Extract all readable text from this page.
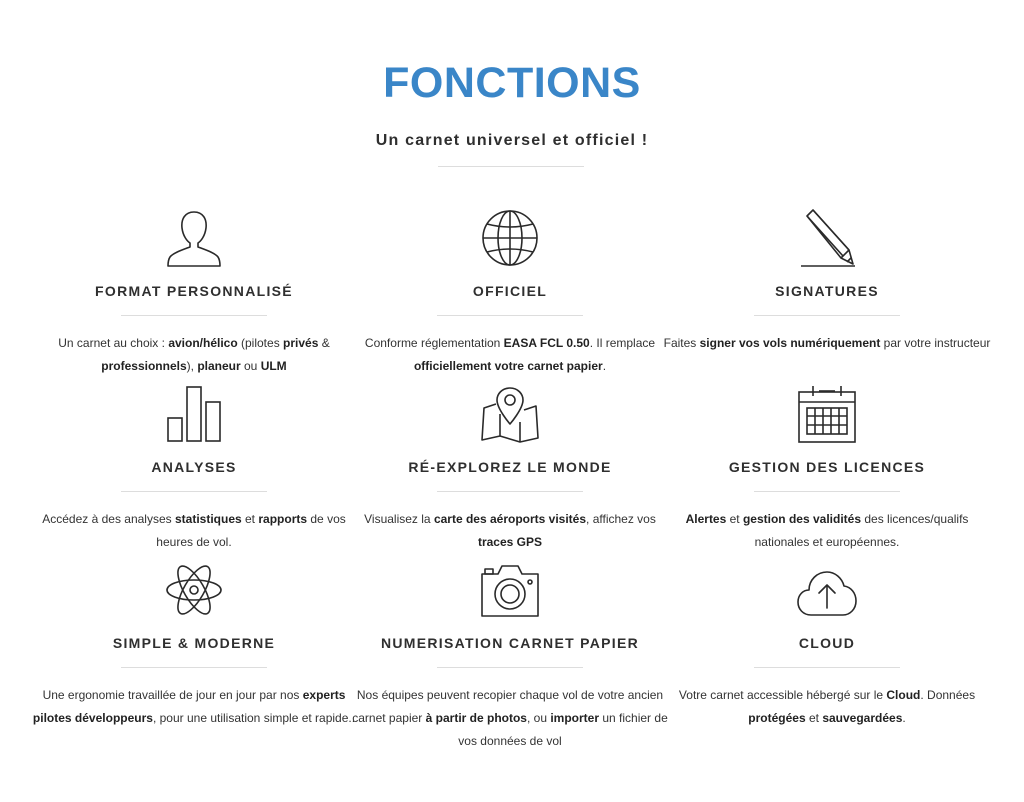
FONCTIONS
Un carnet universel et officiel !
FORMAT PERSONNALISÉ
Un carnet au choix : avion/hélico (pilotes privés & professionnels), planeur ou ULM
OFFICIEL
Conforme réglementation EASA FCL 0.50. Il remplace officiellement votre carnet papier.
SIGNATURES
Faites signer vos vols numériquement par votre instructeur
ANALYSES
Accédez à des analyses statistiques et rapports de vos heures de vol.
RÉ-EXPLOREZ LE MONDE
Visualisez la carte des aéroports visités, affichez vos traces GPS
GESTION DES LICENCES
Alertes et gestion des validités des licences/qualifs nationales et européennes.
SIMPLE & MODERNE
Une ergonomie travaillée de jour en jour par nos experts pilotes développeurs, pour une utilisation simple et rapide..
NUMERISATION CARNET PAPIER
Nos équipes peuvent recopier chaque vol de votre ancien carnet papier à partir de photos, ou importer un fichier de vos données de vol
CLOUD
Votre carnet accessible hébergé sur le Cloud. Données protégées et sauvegardées.
